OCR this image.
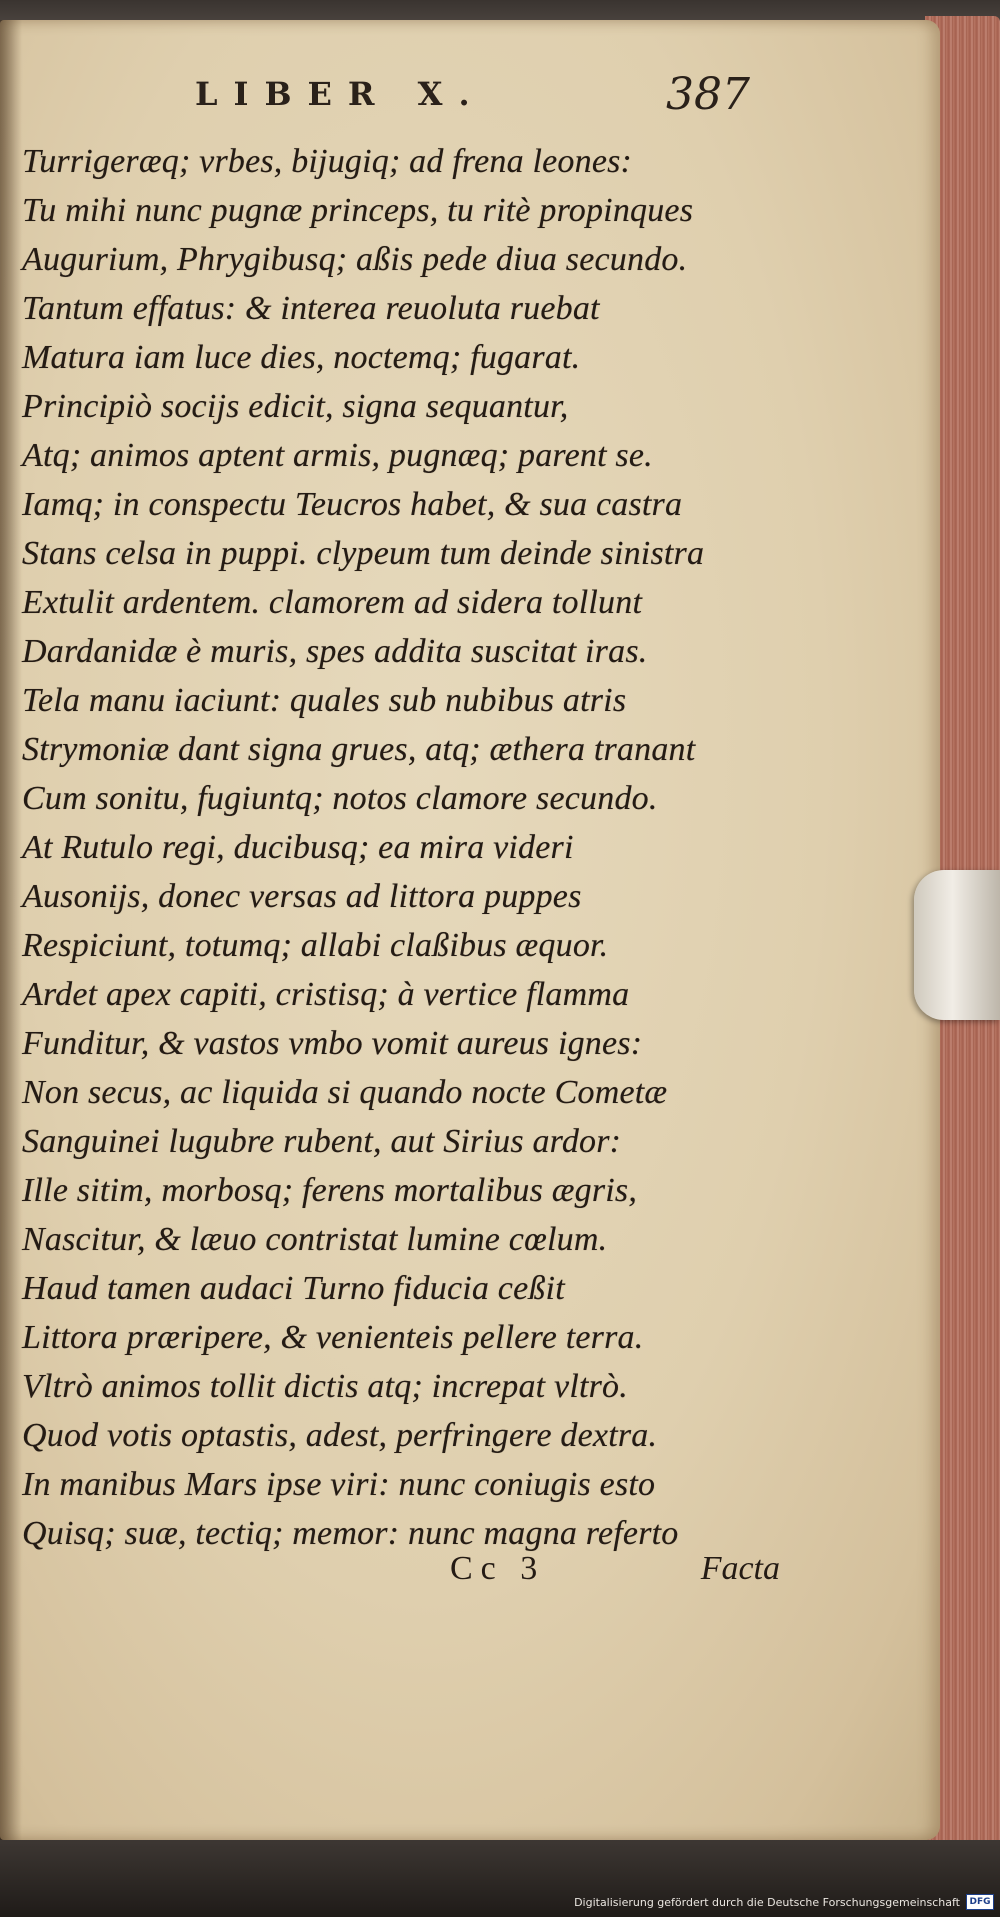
LIBER X.	387
Turrigeræq; vrbes, bijugiq; ad frena leones:
Tu mihi nunc pugnæ princeps, tu ritè propinques
Augurium, Phrygibusq; aßis pede diua secundo.
Tantum effatus: & interea reuoluta ruebat
Matura iam luce dies, noctemq; fugarat.
Principiò socijs edicit, signa sequantur,
Atq; animos aptent armis, pugnæq; parent se.
Iamq; in conspectu Teucros habet, & sua castra
Stans celsa in puppi. clypeum tum deinde sinistra
Extulit ardentem. clamorem ad sidera tollunt
Dardanidæ è muris, spes addita suscitat iras.
Tela manu iaciunt: quales sub nubibus atris
Strymoniæ dant signa grues, atq; æthera tranant
Cum sonitu, fugiuntq; notos clamore secundo.
At Rutulo regi, ducibusq; ea mira videri
Ausonijs, donec versas ad littora puppes
Respiciunt, totumq; allabi claßibus æquor.
Ardet apex capiti, cristisq; à vertice flamma
Funditur, & vastos vmbo vomit aureus ignes:
Non secus, ac liquida si quando nocte Cometæ
Sanguinei lugubre rubent, aut Sirius ardor:
Ille sitim, morbosq; ferens mortalibus ægris,
Nascitur, & læuo contristat lumine cœlum.
Haud tamen audaci Turno fiducia ceßit
Littora præripere, & venienteis pellere terra.
Vltrò animos tollit dictis atq; increpat vltrò.
Quod votis optastis, adest, perfringere dextra.
In manibus Mars ipse viri: nunc coniugis esto
Quisq; suæ, tectiq; memor: nunc magna referto
Cc 3	Facta
Digitalisierung gefördert durch die Deutsche Forschungsgemeinschaft	DFG
